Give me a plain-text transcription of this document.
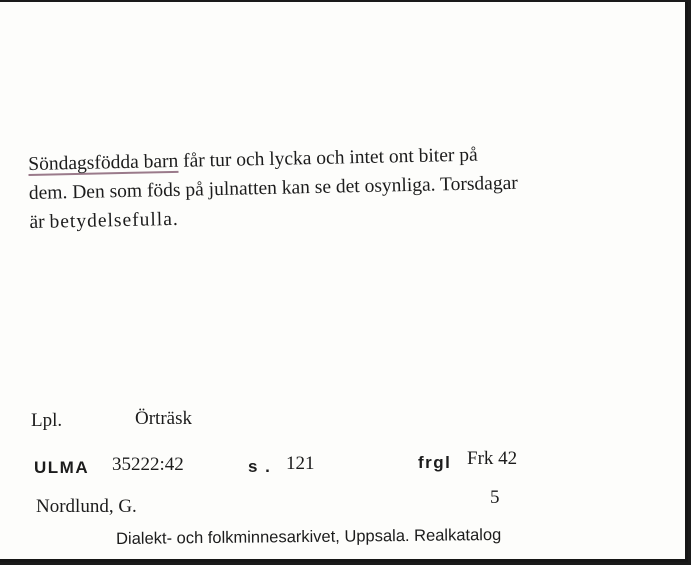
Söndagsfödda barn får tur och lycka och intet ont biter på
dem. Den som föds på julnatten kan se det osynliga. Torsdagar
är betydelsefulla.
Lpl.	Örträsk
ULMA 35222:42	s . 121	frgl Frk 42
Nordlund, G.	5
Dialekt- och folkminnesarkivet, Uppsala. Realkatalog
